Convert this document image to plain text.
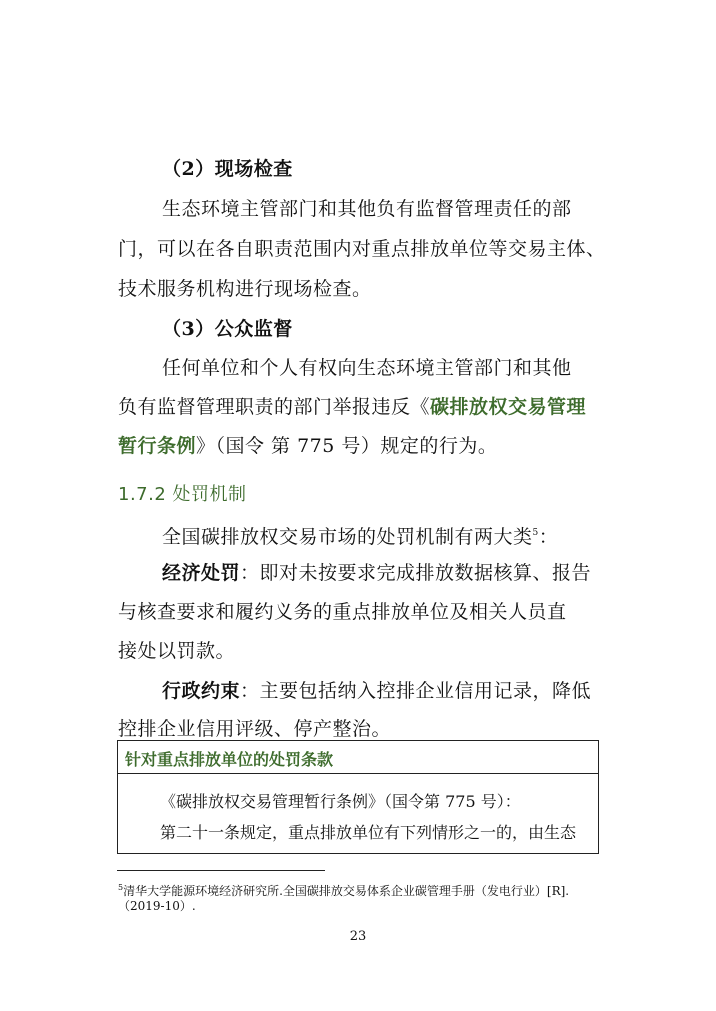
（2）现场检查
生态环境主管部门和其他负有监督管理责任的部
门，可以在各自职责范围内对重点排放单位等交易主体、
技术服务机构进行现场检查。
（3）公众监督
任何单位和个人有权向生态环境主管部门和其他
负有监督管理职责的部门举报违反《碳排放权交易管理
暂行条例》（国令 第 775 号）规定的行为。
1.7.2 处罚机制
全国碳排放权交易市场的处罚机制有两大类$^5$：
经济处罚：即对未按要求完成排放数据核算、报告
与核查要求和履约义务的重点排放单位及相关人员直
接处以罚款。
行政约束：主要包括纳入控排企业信用记录，降低
控排企业信用评级、停产整治。
针对重点排放单位的处罚条款
《碳排放权交易管理暂行条例》（国令第 775 号）：
第二十一条规定，重点排放单位有下列情形之一的，由生态
$^5$清华大学能源环境经济研究所.全国碳排放交易体系企业碳管理手册（发电行业）[R].
（2019-10）.
23
